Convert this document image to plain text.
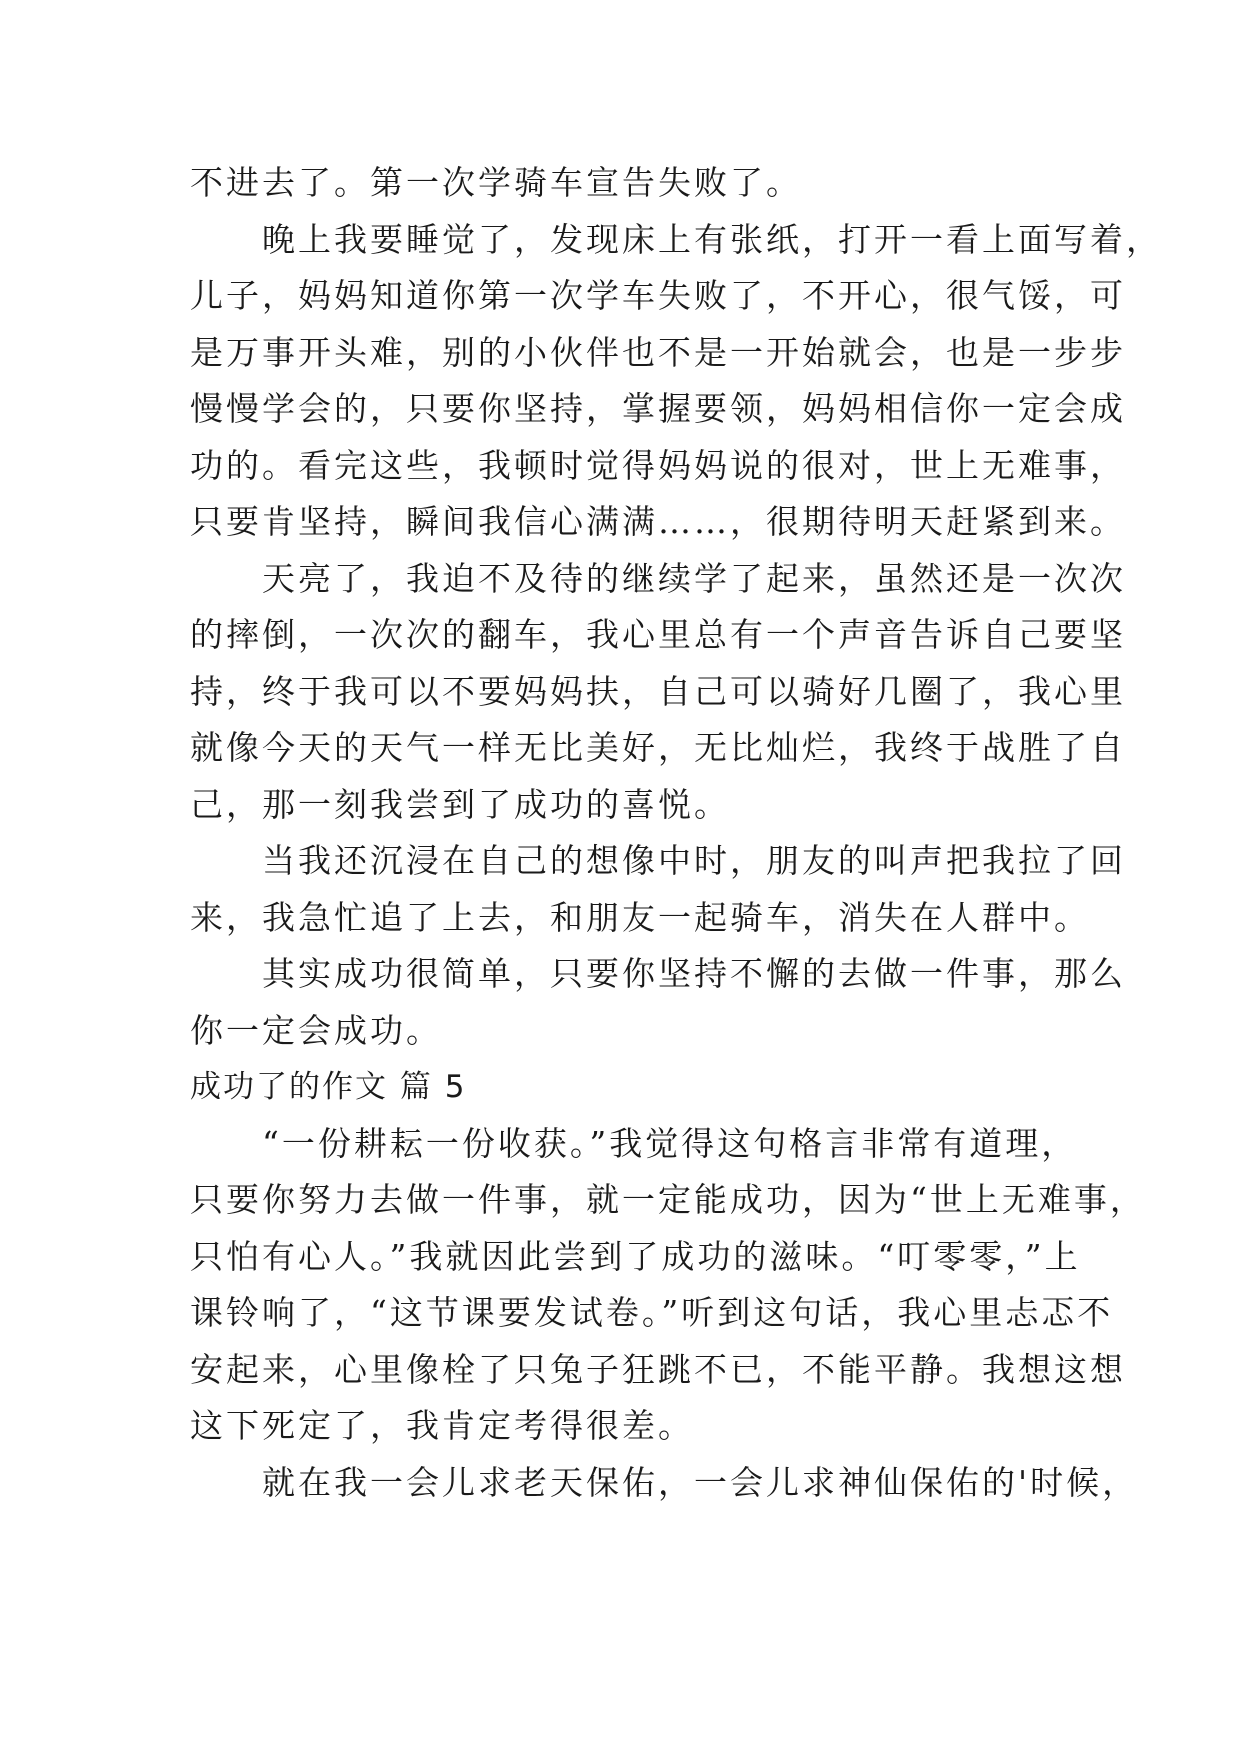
不进去了。第一次学骑车宣告失败了。
晚上我要睡觉了，发现床上有张纸，打开一看上面写着，
儿子，妈妈知道你第一次学车失败了，不开心，很气馁，可
是万事开头难，别的小伙伴也不是一开始就会，也是一步步
慢慢学会的，只要你坚持，掌握要领，妈妈相信你一定会成
功的。看完这些，我顿时觉得妈妈说的很对，世上无难事，
只要肯坚持，瞬间我信心满满……，很期待明天赶紧到来。
天亮了，我迫不及待的继续学了起来，虽然还是一次次
的摔倒，一次次的翻车，我心里总有一个声音告诉自己要坚
持，终于我可以不要妈妈扶，自己可以骑好几圈了，我心里
就像今天的天气一样无比美好，无比灿烂，我终于战胜了自
己，那一刻我尝到了成功的喜悦。
当我还沉浸在自己的想像中时，朋友的叫声把我拉了回
来，我急忙追了上去，和朋友一起骑车，消失在人群中。
其实成功很简单，只要你坚持不懈的去做一件事，那么
你一定会成功。
成功了的作文 篇 5
“一份耕耘一份收获。”我觉得这句格言非常有道理，
只要你努力去做一件事，就一定能成功，因为“世上无难事，
只怕有心人。”我就因此尝到了成功的滋味。“叮零零，”上
课铃响了，“这节课要发试卷。”听到这句话，我心里忐忑不
安起来，心里像栓了只兔子狂跳不已，不能平静。我想这想
这下死定了，我肯定考得很差。
就在我一会儿求老天保佑，一会儿求神仙保佑的'时候，
